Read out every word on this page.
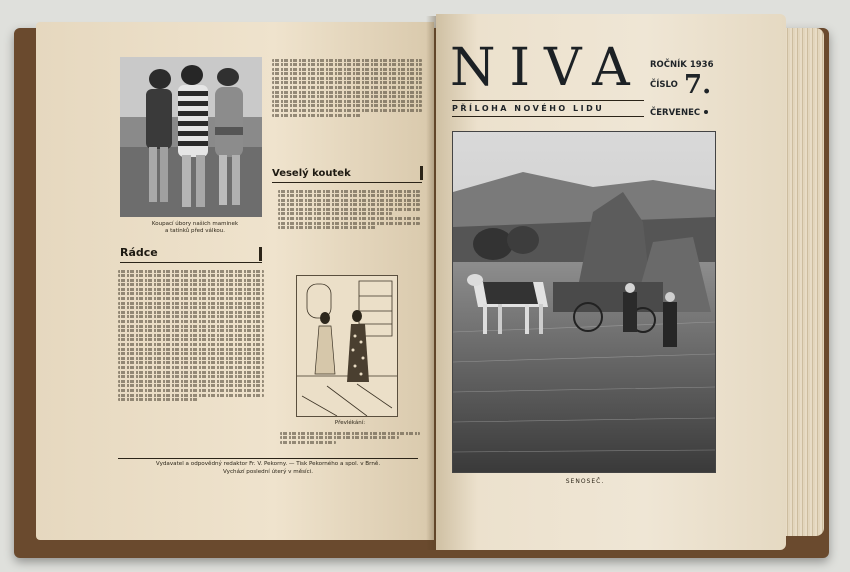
Koupací úbory našich maminek a tatínků před válkou.
Veselý koutek
Rádce
Převlékání:
Vydavatel a odpovědný redaktor Fr. V. Pekorny. — Tisk Pekorného a spol. v Brně.
Vychází poslední úterý v měsíci.
NIVA ROČNÍK 1936
ČÍSLO 7.
PŘÍLOHA NOVÉHO LIDU	ČERVENEC
SENOSEČ.
